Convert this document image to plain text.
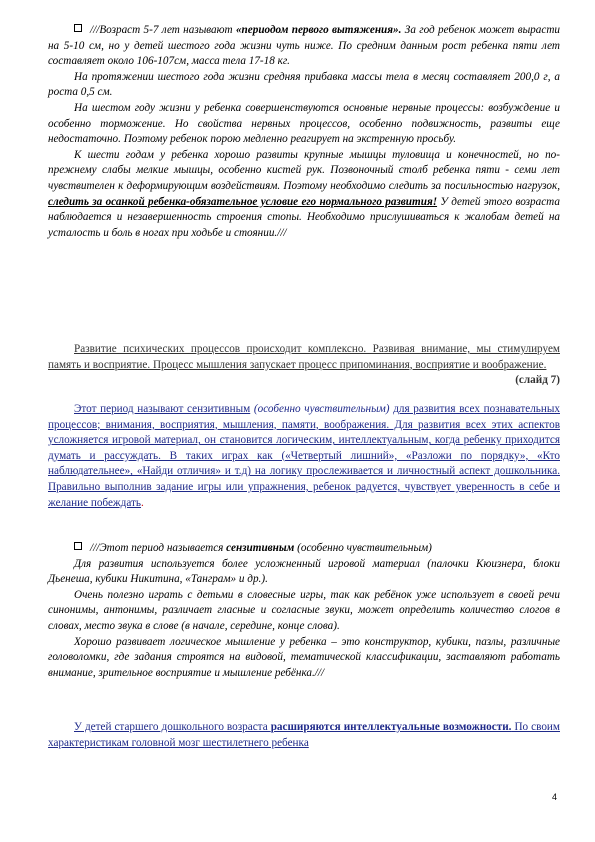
///Возраст 5-7 лет называют «периодом первого вытяжения». За год ребенок может вырасти на 5-10 см, но у детей шестого года жизни чуть ниже. По средним данным рост ребенка пяти лет составляет около 106-107см, масса тела 17-18 кг.

На протяжении шестого года жизни средняя прибавка массы тела в месяц составляет 200,0 г, а роста 0,5 см.

На шестом году жизни у ребенка совершенствуются основные нервные процессы: возбуждение и особенно торможение. Но свойства нервных процессов, особенно подвижность, развиты еще недостаточно. Поэтому ребенок порою медленно реагирует на экстренную просьбу.

К шести годам у ребенка хорошо развиты крупные мышцы туловища и конечностей, но по-прежнему слабы мелкие мышцы, особенно кистей рук. Позвоночный столб ребенка пяти - семи лет чувствителен к деформирующим воздействиям. Поэтому необходимо следить за посильностью нагрузок, следить за осанкой ребенка-обязательное условие его нормального развития! У детей этого возраста наблюдается и незавершенность строения стопы. Необходимо прислушиваться к жалобам детей на усталость и боль в ногах при ходьбе и стоянии.///

Развитие психических процессов происходит комплексно. Развивая внимание, мы стимулируем память и восприятие. Процесс мышления запускает процесс припоминания, восприятие и воображение.
(слайд 7)

Этот период называют сензитивным (особенно чувствительным) для развития всех познавательных процессов; внимания, восприятия, мышления, памяти, воображения. Для развития всех этих аспектов усложняется игровой материал, он становится логическим, интеллектуальным, когда ребенку приходится думать и рассуждать. В таких играх как («Четвертый лишний», «Разложи по порядку», «Кто наблюдательнее», «Найди отличия» и т.д) на логику прослеживается и личностный аспект дошкольника. Правильно выполнив задание игры или упражнения, ребенок радуется, чувствует уверенность в себе и желание побеждать.

///Этот период называется сензитивным (особенно чувствительным)

Для развития используется более усложненный игровой материал (палочки Кюизнера, блоки Дьенеша, кубики Никитина, «Танграм» и др.).

Очень полезно играть с детьми в словесные игры, так как ребёнок уже использует в своей речи синонимы, антонимы, различает гласные и согласные звуки, может определить количество слогов в словах, место звука в слове (в начале, середине, конце слова).

Хорошо развивает логическое мышление у ребенка – это конструктор, кубики, пазлы, различные головоломки, где задания строятся на видовой, тематической классификации, заставляют работать внимание, зрительное восприятие и мышление ребёнка.///

У детей старшего дошкольного возраста расширяются интеллектуальные возможности. По своим характеристикам головной мозг шестилетнего ребенка

4
